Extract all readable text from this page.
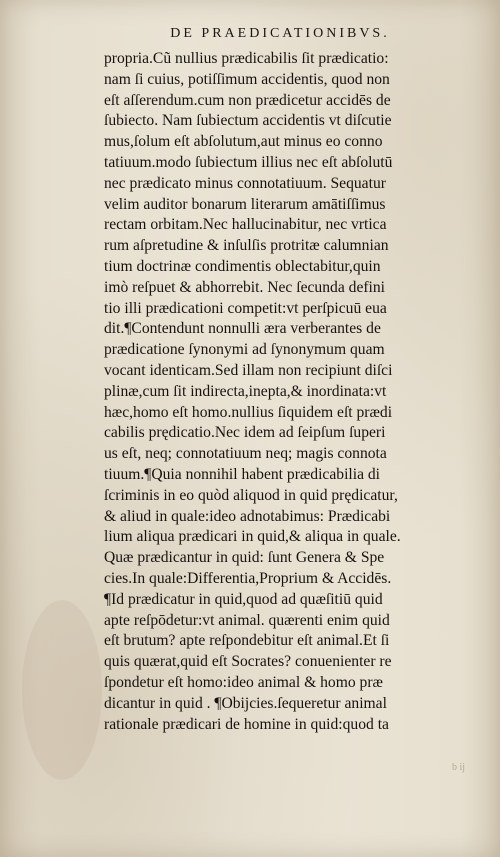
DE PRAEDICATIONIBVS.
propria.Cũ nullius prædicabilis ſit prædicatio:
nam ſi cuius, potiſſimum accidentis, quod non
eſt aſſerendum.cum non prædicetur accidēs de
ſubiecto. Nam ſubiectum accidentis vt diſcutie
mus,ſolum eſt abſolutum,aut minus eo conno
tatiuum.modo ſubiectum illius nec eſt abſolutū
nec prædicato minus connotatiuum. Sequatur
velim auditor bonarum literarum amātiſſimus
rectam orbitam.Nec hallucinabitur, nec vrtica
rum aſpretudine & inſulſis protritæ calumnian
tium doctrinæ condimentis oblectabitur,quin
imò reſpuet & abhorrebit. Nec ſecunda defini
tio illi prædicationi competit:vt perſpicuū eua
dit.¶Contendunt nonnulli æra verberantes de
prædicatione ſynonymi ad ſynonymum quam
vocant identicam.Sed illam non recipiunt diſci
plinæ,cum ſit indirecta,inepta,& inordinata:vt
hæc,homo eſt homo.nullius ſiquidem eſt prædi
cabilis prędicatio.Nec idem ad ſeipſum ſuperi
us eſt, neq; connotatiuum neq; magis connota
tiuum.¶Quia nonnihil habent prædicabilia di
ſcriminis in eo quòd aliquod in quid prędicatur,
& aliud in quale:ideo adnotabimus: Prædicabi
lium aliqua prædicari in quid,& aliqua in quale.
Quæ prædicantur in quid: ſunt Genera & Spe
cies.In quale:Differentia,Proprium & Accidēs.
¶Id prædicatur in quid,quod ad quæſitiū quid
apte reſpōdetur:vt animal. quærenti enim quid
eſt brutum? apte reſpondebitur eſt animal.Et ſi
quis quærat,quid eſt Socrates? conuenienter re
ſpondetur eſt homo:ideo animal & homo præ
dicantur in quid . ¶Obijcies.ſequeretur animal
rationale prædicari de homine in quid:quod ta
b ij
